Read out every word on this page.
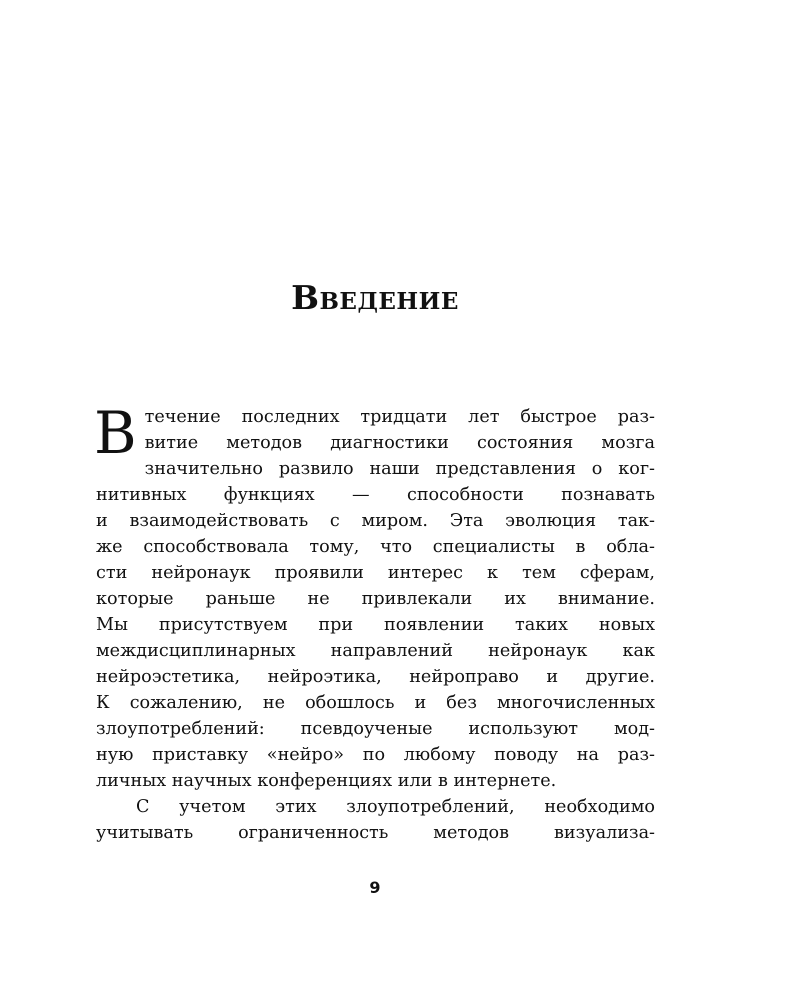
Введение
В течение последних тридцати лет быстрое раз-
витие методов диагностики состояния мозга
значительно развило наши представления о ког-
нитивных функциях — способности познавать
и взаимодействовать с миром. Эта эволюция так-
же способствовала тому, что специалисты в обла-
сти нейронаук проявили интерес к тем сферам,
которые раньше не привлекали их внимание.
Мы присутствуем при появлении таких новых
междисциплинарных направлений нейронаук как
нейроэстетика, нейроэтика, нейроправо и другие.
К сожалению, не обошлось и без многочисленных
злоупотреблений: псевдоученые используют мод-
ную приставку «нейро» по любому поводу на раз-
личных научных конференциях или в интернете.
С учетом этих злоупотреблений, необходимо
учитывать ограниченность методов визуализа-
9
